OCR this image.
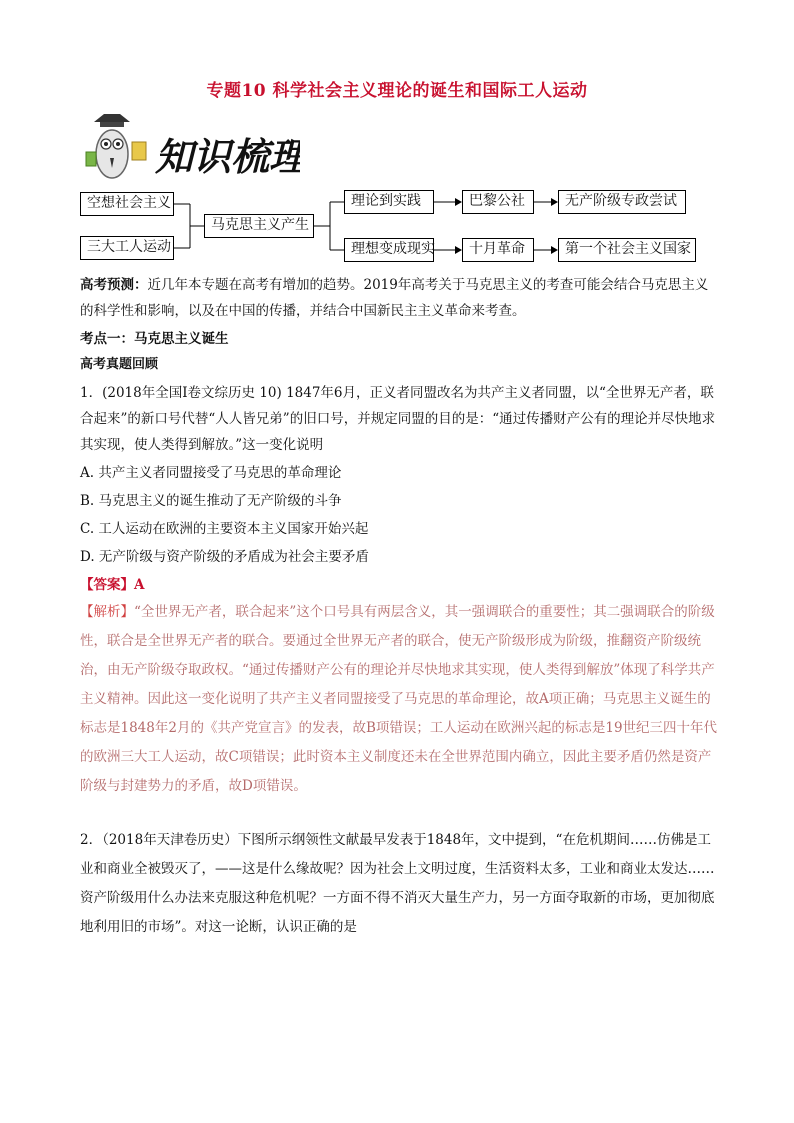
专题10 科学社会主义理论的诞生和国际工人运动
知识梳理
空想社会主义
三大工人运动
马克思主义产生
理论到实践
理想变成现实
巴黎公社
十月革命
无产阶级专政尝试
第一个社会主义国家
高考预测：近几年本专题在高考有增加的趋势。2019年高考关于马克思主义的考查可能会结合马克思主义的科学性和影响，以及在中国的传播，并结合中国新民主主义革命来考查。
考点一：马克思主义诞生
高考真题回顾
1．(2018年全国Ⅰ卷文综历史 10) 1847年6月，正义者同盟改名为共产主义者同盟，以“全世界无产者，联合起来”的新口号代替“人人皆兄弟”的旧口号，并规定同盟的目的是：“通过传播财产公有的理论并尽快地求其实现，使人类得到解放。”这一变化说明
A. 共产主义者同盟接受了马克思的革命理论
B. 马克思主义的诞生推动了无产阶级的斗争
C. 工人运动在欧洲的主要资本主义国家开始兴起
D. 无产阶级与资产阶级的矛盾成为社会主要矛盾
【答案】A
【解析】“全世界无产者，联合起来”这个口号具有两层含义，其一强调联合的重要性；其二强调联合的阶级性，联合是全世界无产者的联合。要通过全世界无产者的联合，使无产阶级形成为阶级，推翻资产阶级统治，由无产阶级夺取政权。“通过传播财产公有的理论并尽快地求其实现，使人类得到解放”体现了科学共产主义精神。因此这一变化说明了共产主义者同盟接受了马克思的革命理论，故A项正确；马克思主义诞生的标志是1848年2月的《共产党宣言》的发表，故B项错误；工人运动在欧洲兴起的标志是19世纪三四十年代的欧洲三大工人运动，故C项错误；此时资本主义制度还未在全世界范围内确立，因此主要矛盾仍然是资产阶级与封建势力的矛盾，故D项错误。
2．（2018年天津卷历史）下图所示纲领性文献最早发表于1848年，文中提到，“在危机期间……仿佛是工业和商业全被毁灭了，——这是什么缘故呢？因为社会上文明过度，生活资料太多，工业和商业太发达……资产阶级用什么办法来克服这种危机呢？一方面不得不消灭大量生产力，另一方面夺取新的市场，更加彻底地利用旧的市场”。对这一论断，认识正确的是
